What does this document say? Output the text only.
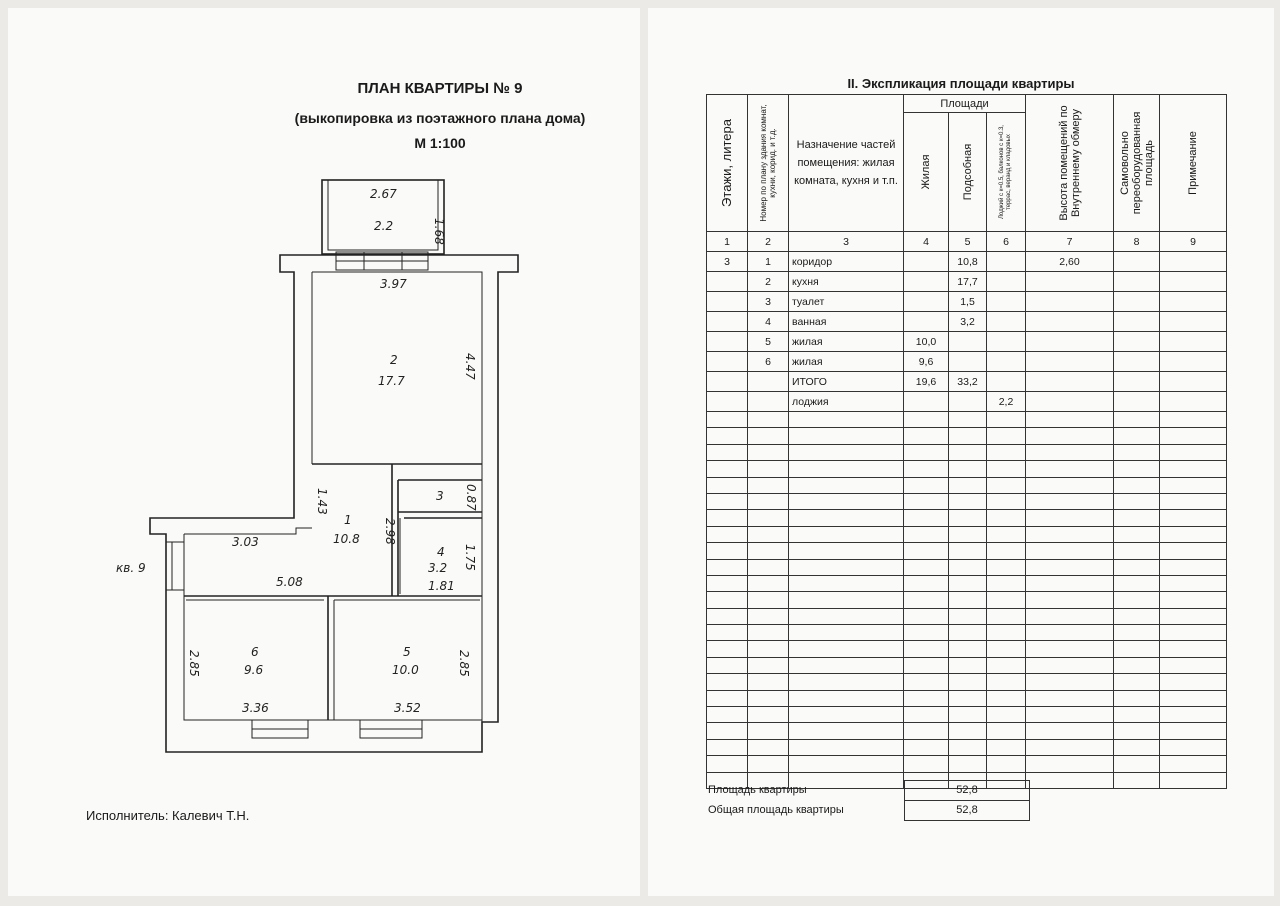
ПЛАН КВАРТИРЫ № 9
(выкопировка из поэтажного плана дома)
М 1:100
2.67
2.2	1.68
3.97
2
17.7
4.47
1.43
1
10.8 2.98
3.03
5.08
3 0.87
4
3.2 1.75
1.81
6
9.6
2.85
3.36
5
10.0	2.85
3.52
кв. 9
Исполнитель: Калевич Т.Н.
II. Экспликация площади квартиры
Этажи, литера	Номер по плану здания комнат, кухни, корид. и т.д.	Назначение частей помещения: жилая комната, кухня и т.п.	Площади			Высота помещений по Внутреннему обмеру	Самовольно переоборудованная площадь	Примечание

			Жилая	Подсобная	Лоджий с к=0.5, балконов с к=0.3, террас, веранд и кладовых			

1	2	3	4	5	6	7	8	9
3	1	коридор		10,8		2,60		
	2	кухня		17,7				
	3	туалет		1,5				
	4	ванная		3,2				
	5	жилая	10,0					
	6	жилая	9,6					
		ИТОГО	19,6	33,2				
		лоджия			2,2			

Площадь квартиры	52,8
Общая площадь квартиры	52,8
